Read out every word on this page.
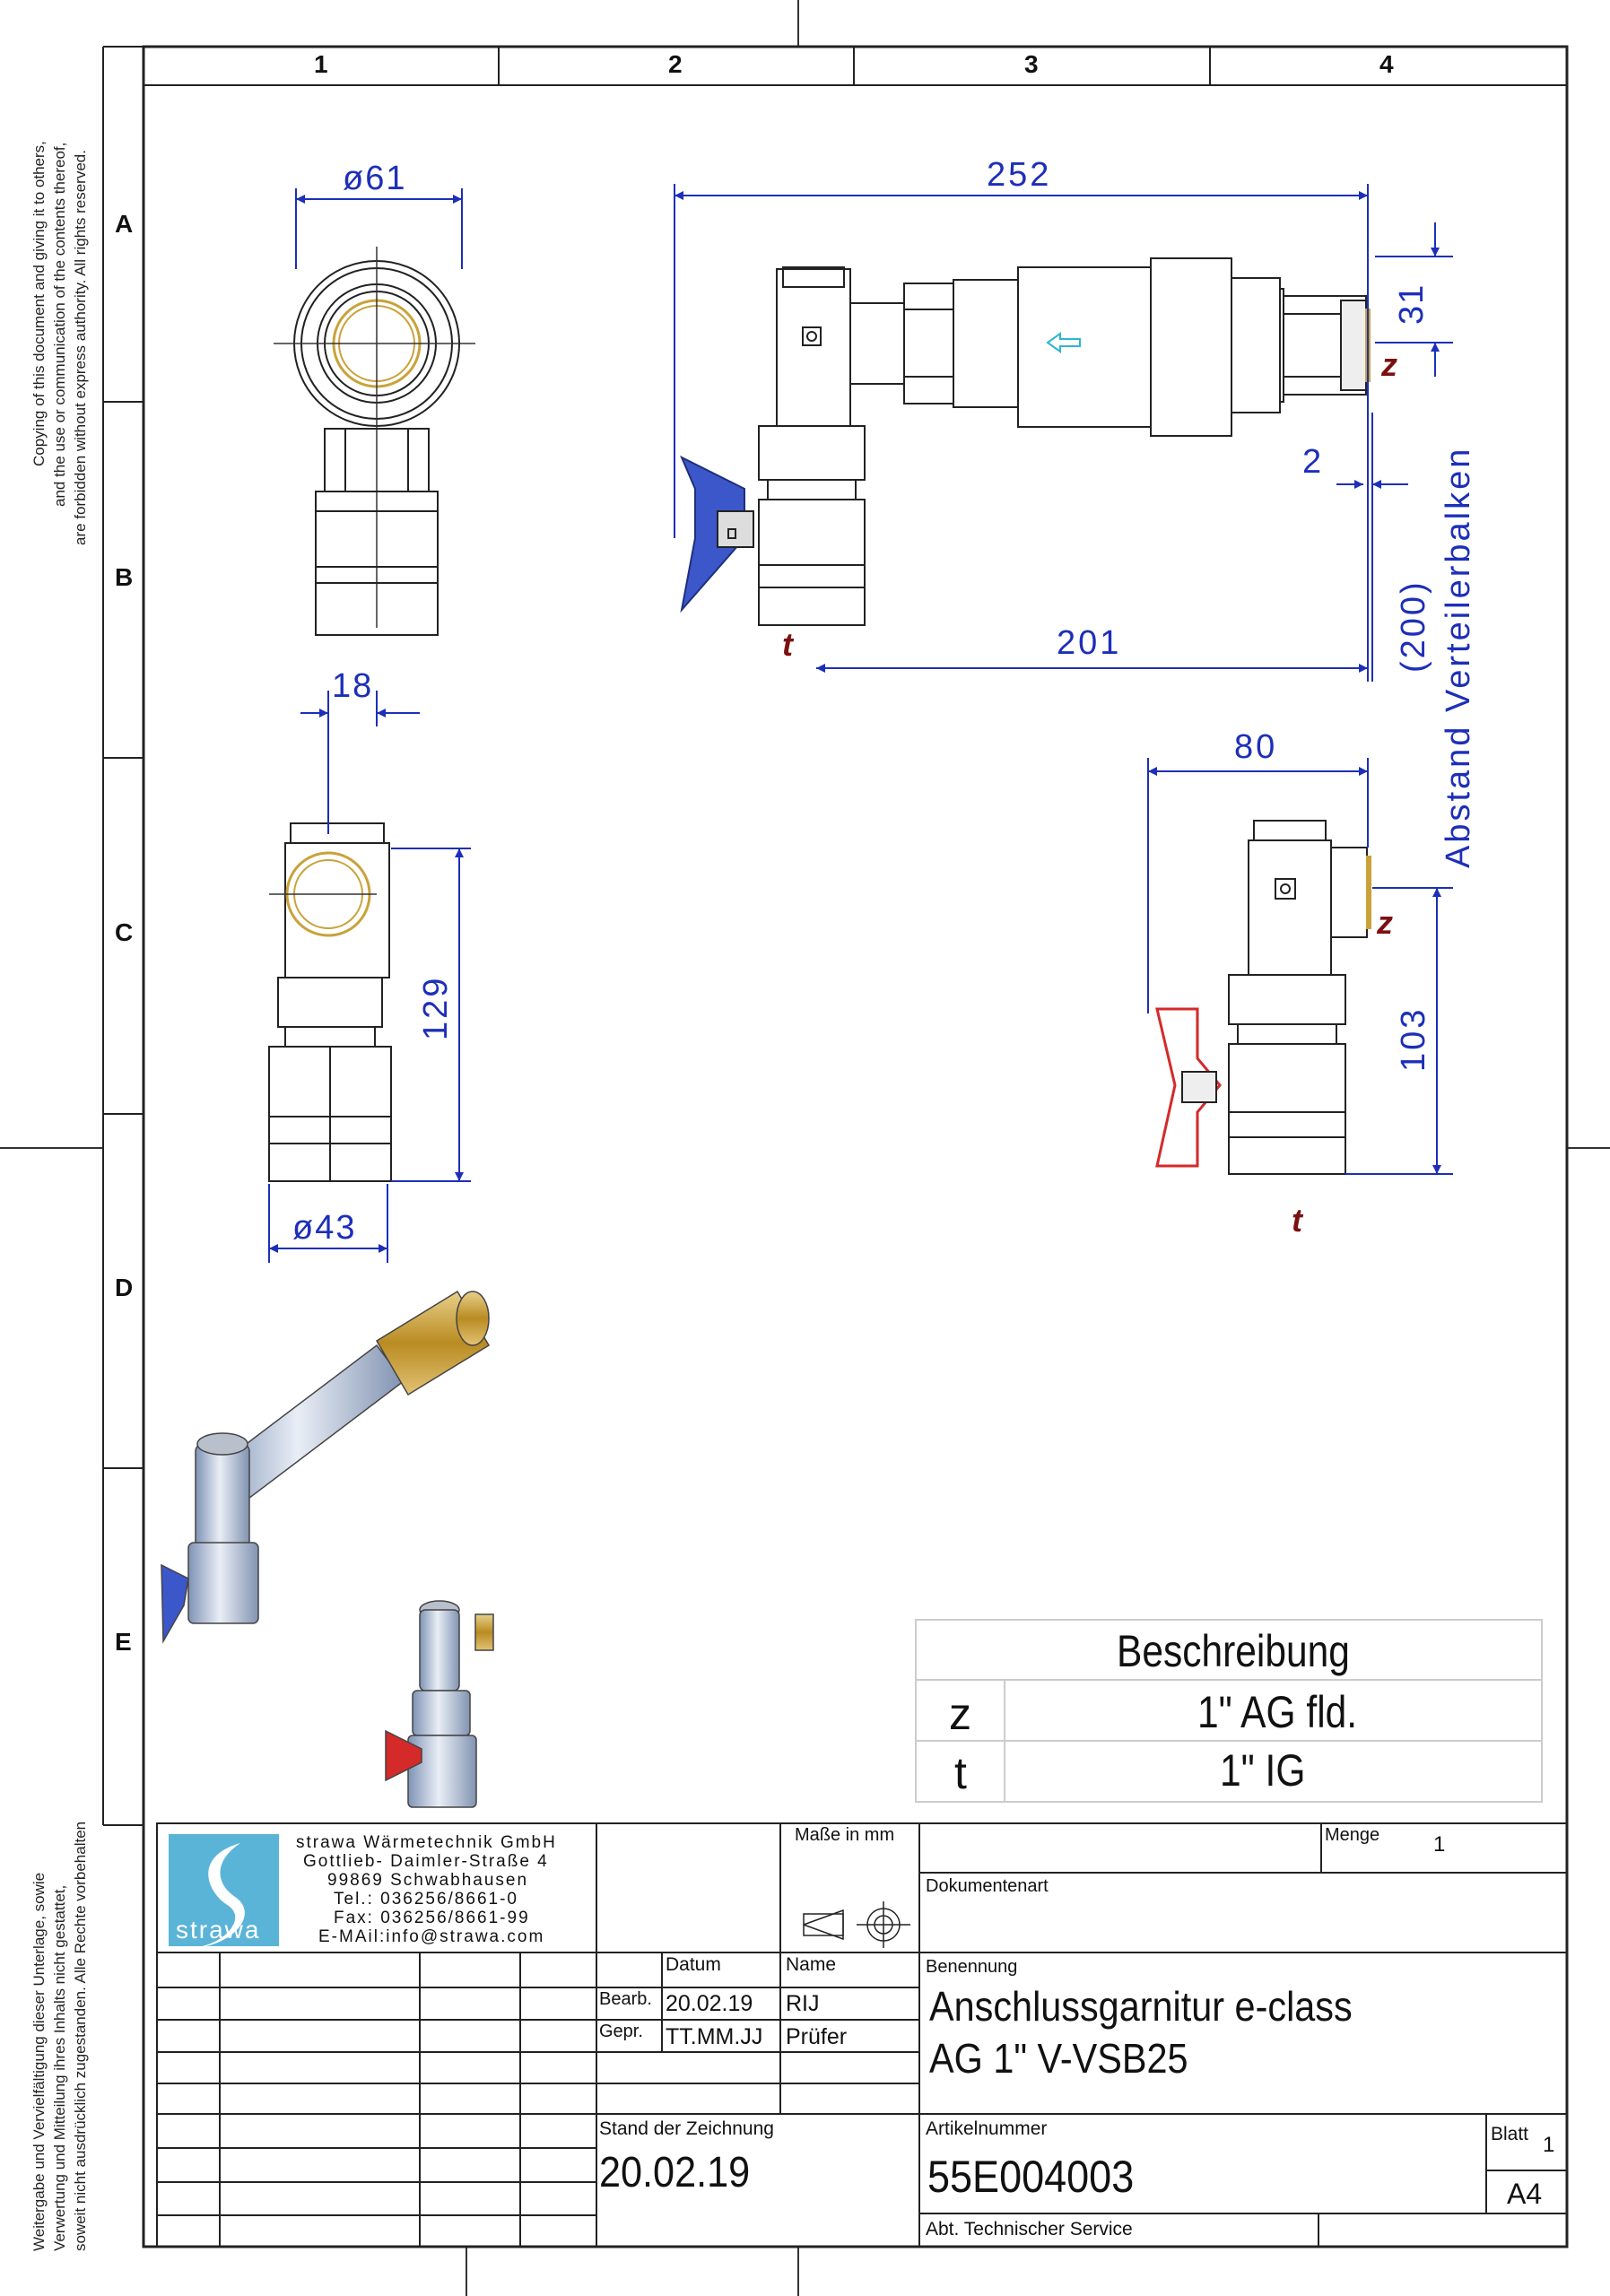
1	2	3	4
A
B
C
D
E
Copying of this document and giving it to others, and the use or communication of the contents thereof, are forbidden without express authority. All rights reserved.
Weitergabe und Vervielfältigung dieser Unterlage, sowie Verwertung und Mitteilung ihres Inhalts nicht gestattet, soweit nicht ausdrücklich zugestanden. Alle Rechte vorbehalten
ø61	252
31
2
201	(200) Abstand Verteilerbalken
18
129
ø43
80
103
z
t
z
t
Beschreibung
z	1" AG fld.
t	1" IG
strawa
strawa Wärmetechnik GmbH
Gottlieb- Daimler-Straße 4
99869 Schwabhausen
Tel.: 036256/8661-0
Fax: 036256/8661-99
E-MAil:info@strawa.com
Maße in mm	Menge 1
Dokumentenart
Datum	Name
Bearb. 20.02.19 RIJ
Gepr. TT.MM.JJ Prüfer
Benennung
Anschlussgarnitur e-class
AG 1" V-VSB25
Stand der Zeichnung
20.02.19
Artikelnummer
55E004003
Blatt 1
A4
Abt. Technischer Service
